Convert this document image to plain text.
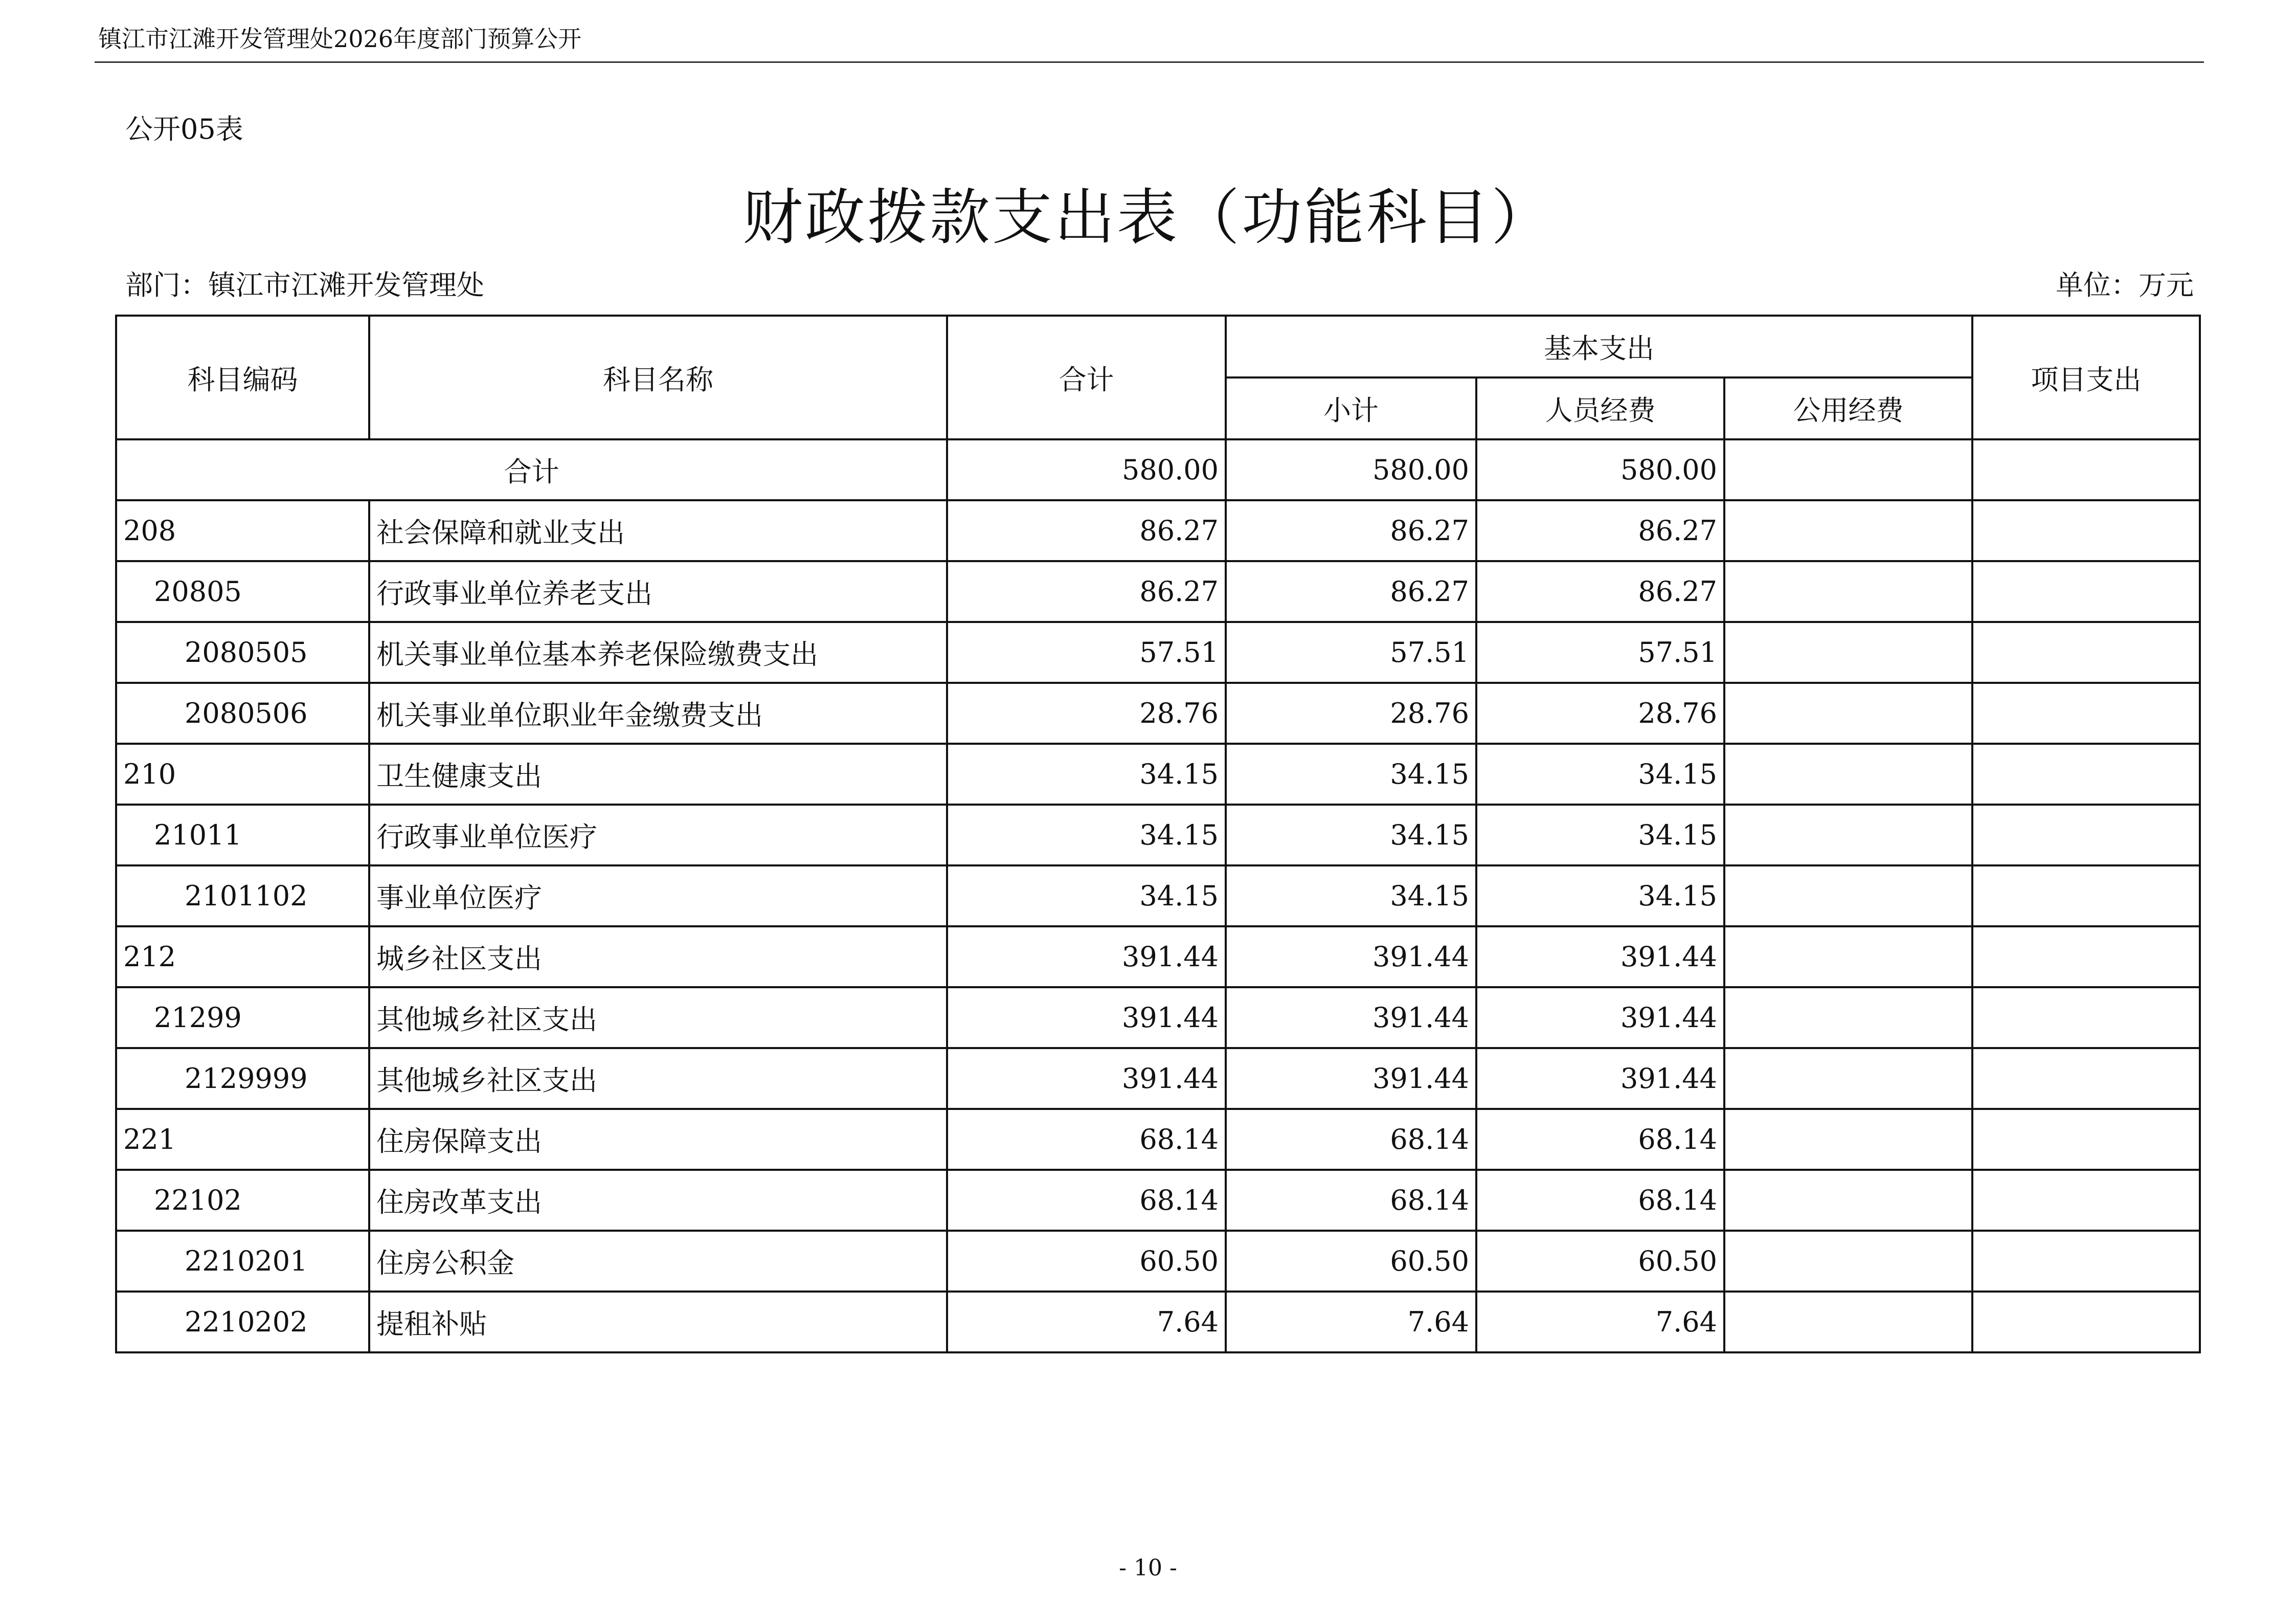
镇江市江滩开发管理处2026年度部门预算公开
公开05表
财政拨款支出表（功能科目）
部门：镇江市江滩开发管理处	单位：万元
科目编码	科目名称	合计	基本支出			项目支出
			小计	人员经费	公用经费	
合计		580.00	580.00	580.00		
208	社会保障和就业支出	86.27	86.27	86.27		
20805	行政事业单位养老支出	86.27	86.27	86.27		
2080505	机关事业单位基本养老保险缴费支出	57.51	57.51	57.51		
2080506	机关事业单位职业年金缴费支出	28.76	28.76	28.76		
210	卫生健康支出	34.15	34.15	34.15		
21011	行政事业单位医疗	34.15	34.15	34.15		
2101102	事业单位医疗	34.15	34.15	34.15		
212	城乡社区支出	391.44	391.44	391.44		
21299	其他城乡社区支出	391.44	391.44	391.44		
2129999	其他城乡社区支出	391.44	391.44	391.44		
221	住房保障支出	68.14	68.14	68.14		
22102	住房改革支出	68.14	68.14	68.14		
2210201	住房公积金	60.50	60.50	60.50		
2210202	提租补贴	7.64	7.64	7.64		
- 10 -
